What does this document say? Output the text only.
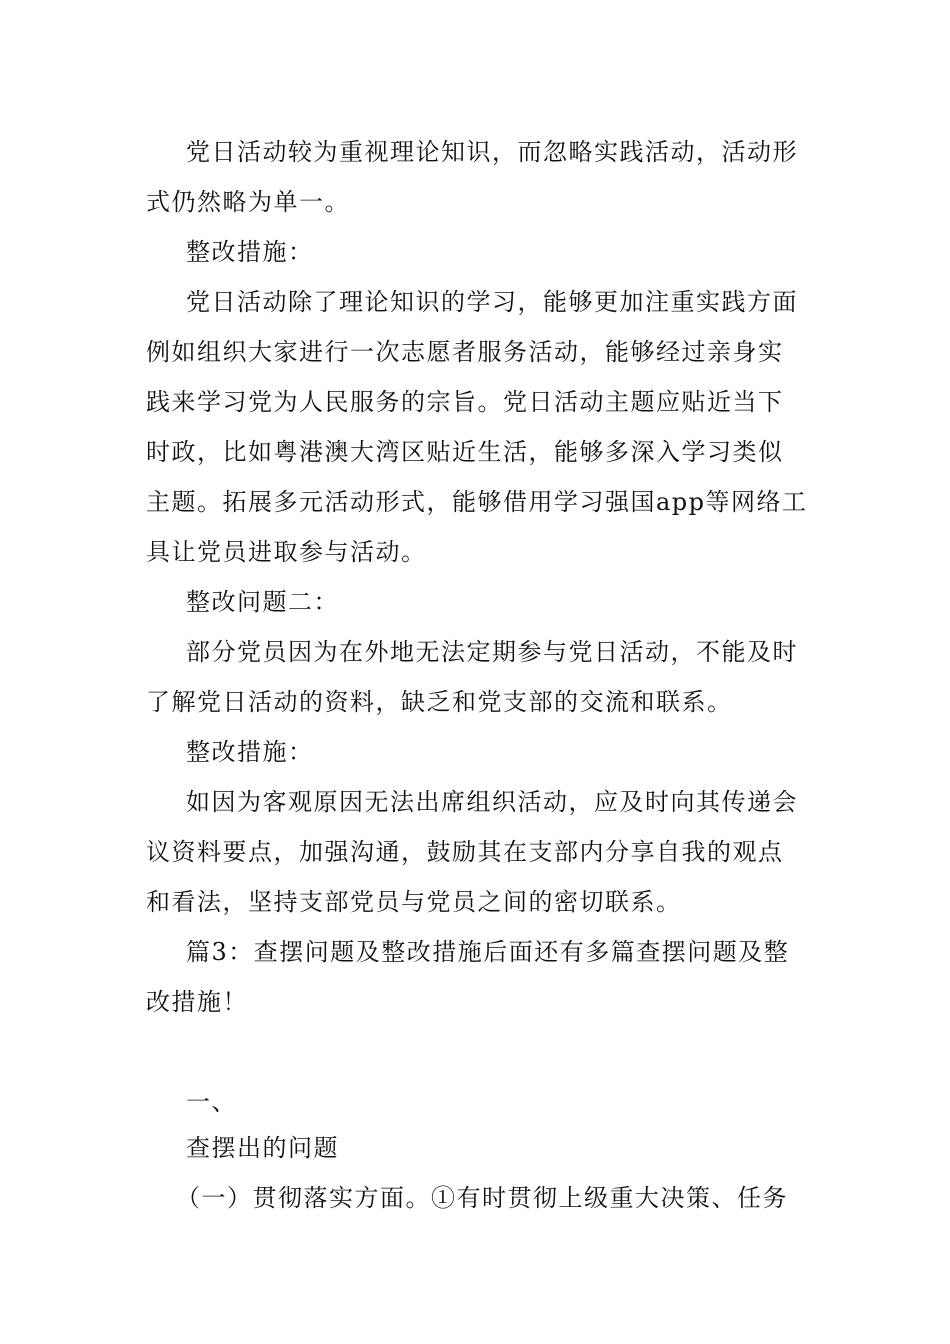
党日活动较为重视理论知识，而忽略实践活动，活动形
式仍然略为单一。
整改措施：
党日活动除了理论知识的学习，能够更加注重实践方面
例如组织大家进行一次志愿者服务活动，能够经过亲身实
践来学习党为人民服务的宗旨。党日活动主题应贴近当下
时政，比如粤港澳大湾区贴近生活，能够多深入学习类似
主题。拓展多元活动形式，能够借用学习强国app等网络工
具让党员进取参与活动。
整改问题二：
部分党员因为在外地无法定期参与党日活动，不能及时
了解党日活动的资料，缺乏和党支部的交流和联系。
整改措施：
如因为客观原因无法出席组织活动，应及时向其传递会
议资料要点，加强沟通，鼓励其在支部内分享自我的观点
和看法，坚持支部党员与党员之间的密切联系。
篇3：查摆问题及整改措施后面还有多篇查摆问题及整
改措施！
一、
查摆出的问题
（一）贯彻落实方面。①有时贯彻上级重大决策、任务
